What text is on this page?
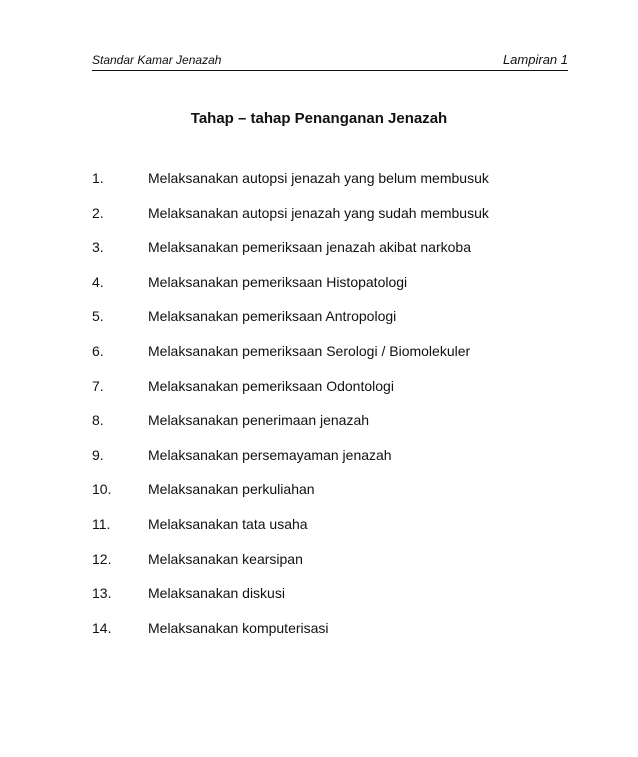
Standar Kamar Jenazah	Lampiran 1
Tahap – tahap Penanganan Jenazah
1.	Melaksanakan autopsi jenazah yang belum membusuk
2.	Melaksanakan autopsi jenazah yang sudah membusuk
3.	Melaksanakan pemeriksaan jenazah akibat narkoba
4.	Melaksanakan pemeriksaan Histopatologi
5.	Melaksanakan pemeriksaan Antropologi
6.	Melaksanakan pemeriksaan Serologi / Biomolekuler
7.	Melaksanakan pemeriksaan Odontologi
8.	Melaksanakan penerimaan jenazah
9.	Melaksanakan persemayaman jenazah
10.	Melaksanakan perkuliahan
11.	Melaksanakan tata usaha
12.	Melaksanakan kearsipan
13.	Melaksanakan diskusi
14.	Melaksanakan komputerisasi
